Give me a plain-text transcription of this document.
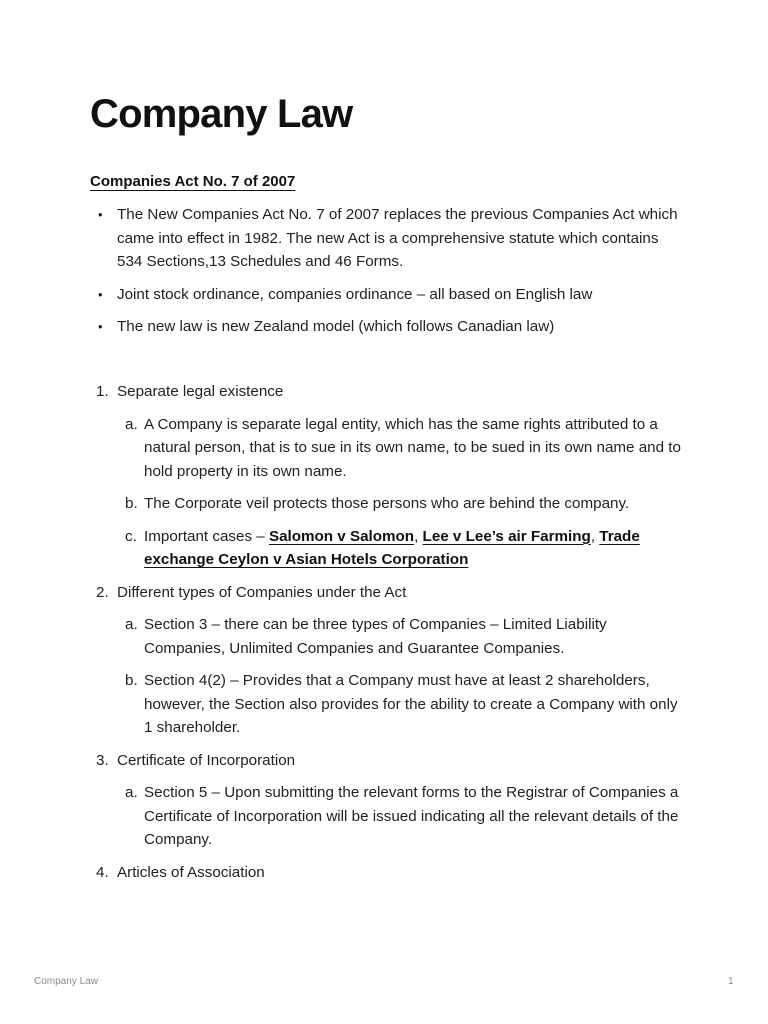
Company Law
Companies Act No. 7 of 2007
• The New Companies Act No. 7 of 2007 replaces the previous Companies Act which came into effect in 1982. The new Act is a comprehensive statute which contains 534 Sections,13 Schedules and 46 Forms.
• Joint stock ordinance, companies ordinance – all based on English law
• The new law is new Zealand model (which follows Canadian law)
1. Separate legal existence
a. A Company is separate legal entity, which has the same rights attributed to a natural person, that is to sue in its own name, to be sued in its own name and to hold property in its own name.
b. The Corporate veil protects those persons who are behind the company.
c. Important cases – Salomon v Salomon, Lee v Lee’s air Farming, Trade exchange Ceylon v Asian Hotels Corporation
2. Different types of Companies under the Act
a. Section 3 – there can be three types of Companies – Limited Liability Companies, Unlimited Companies and Guarantee Companies.
b. Section 4(2) – Provides that a Company must have at least 2 shareholders, however, the Section also provides for the ability to create a Company with only 1 shareholder.
3. Certificate of Incorporation
a. Section 5 – Upon submitting the relevant forms to the Registrar of Companies a Certificate of Incorporation will be issued indicating all the relevant details of the Company.
4. Articles of Association
Company Law	1
